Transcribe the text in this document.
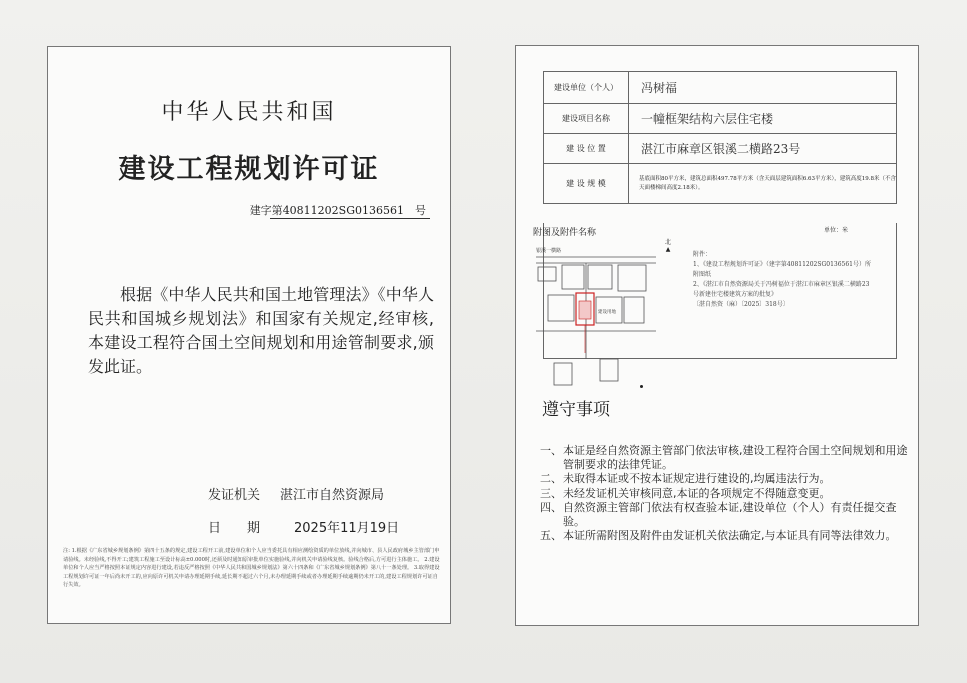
中华人民共和国
建设工程规划许可证
建字第40811202SG0136561　 号
根据《中华人民共和国土地管理法》《中华人民共和国城乡规划法》和国家有关规定,经审核,本建设工程符合国土空间规划和用途管制要求,颁发此证。
发证机关 湛江市自然资源局
日　　期	2025年11月19日
注: 1.根据《广东省城乡规划条例》第四十五条的规定,建设工程开工前,建设单位和个人应当委托具有相应测绘资质的单位放线,并向城市、县人民政府城乡主管部门申请验线。未经验线,不得开工;建筑工程施工至设计标高±0.000时,还须及时通知原审批单位实施验线,并向机关申请验线复核。验线合格后,方可进行主体施工。 2.建设单位和个人应当严格按照本证规定内容进行建设,若违反严格按照《中华人民共和国城乡规划法》第六十四条和《广东省城乡规划条例》第八十一条处理。 3.取得建设工程规划许可证一年后尚未开工的,应向原许可机关申请办理延期手续,延长期不超过六个月,未办理延期手续或者办理延期手续逾期仍未开工的,建设工程规划许可证自行失效。
建设单位（个人）	冯树福
建设项目名称	一幢框架结构六层住宅楼
建 设 位 置	湛江市麻章区银溪二横路23号
建 设 规 模	基底面积80平方米，建筑总面积497.78平方米（含天面层建筑面积6.63平方米），建筑高度19.8米（不含天面楼梯间高度2.18米）。
附图及附件名称	单位：米
北
▲
银溪一横路
建设用地
附件：
1、《建设工程规划许可证》（建字第40811202SG0136561号）所附图纸
2、《湛江市自然资源局关于冯树福位于湛江市麻章区银溪二横路23号新建住宅楼建筑方案的批复》
〔湛自然资（麻）〔2025〕318号〕
遵守事项
一、 本证是经自然资源主管部门依法审核,建设工程符合国土空间规划和用途管制要求的法律凭证。
二、 未取得本证或不按本证规定进行建设的,均属违法行为。
三、 未经发证机关审核同意,本证的各项规定不得随意变更。
四、 自然资源主管部门依法有权查验本证,建设单位（个人）有责任提交查验。
五、 本证所需附图及附件由发证机关依法确定,与本证具有同等法律效力。
